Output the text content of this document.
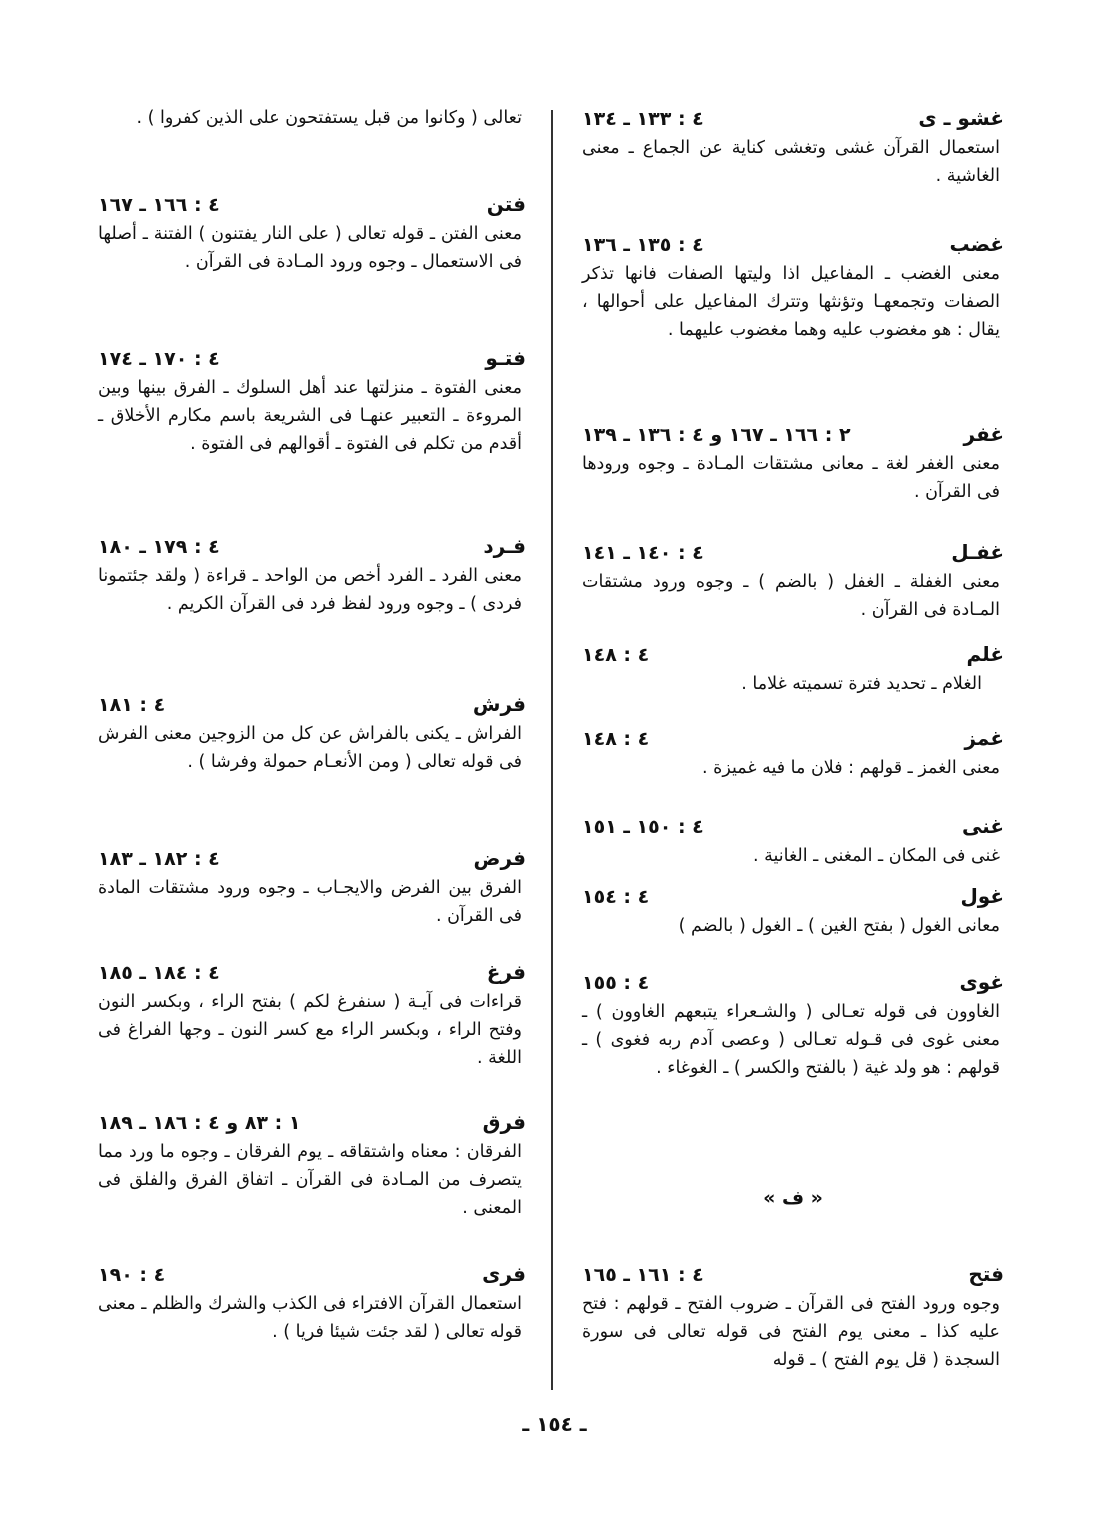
غشو ـ ى
٤ : ١٣٣ ـ ١٣٤
استعمال القرآن غشى وتغشى كناية عن الجماع ـ معنى الغاشية .
غضب
٤ : ١٣٥ ـ ١٣٦
معنى الغضب ـ المفاعيل اذا وليتها الصفات فانها تذكر الصفات وتجمعهـا وتؤنثها وتترك المفاعيل على أحوالها ، يقال : هو مغضوب عليه وهما مغضوب عليهما .
غفر
٢ : ١٦٦ ـ ١٦٧ و ٤ : ١٣٦ ـ ١٣٩
معنى الغفر لغة ـ معانى مشتقات المـادة ـ وجوه ورودها فى القرآن .
غفـل
٤ : ١٤٠ ـ ١٤١
معنى الغفلة ـ الغفل ( بالضم ) ـ وجوه ورود مشتقات المـادة فى القرآن .
غلم
٤ : ١٤٨
الغلام ـ تحديد فترة تسميته غلاما .
غمز
٤ : ١٤٨
معنى الغمز ـ قولهم : فلان ما فيه غميزة .
غنى
٤ : ١٥٠ ـ ١٥١
غنى فى المكان ـ المغنى ـ الغانية .
غول
٤ : ١٥٤
معانى الغول ( بفتح الغين ) ـ الغول ( بالضم )
غوى
٤ : ١٥٥
الغاوون فى قوله تعـالى ( والشـعراء يتبعهم الغاوون ) ـ معنى غوى فى قـوله تعـالى ( وعصى آدم ربه فغوى ) ـ قولهم : هو ولد غية ( بالفتح والكسر ) ـ الغوغاء .
« ف »
فتح
٤ : ١٦١ ـ ١٦٥
وجوه ورود الفتح فى القرآن ـ ضروب الفتح ـ قولهم : فتح عليه كذا ـ معنى يوم الفتح فى قوله تعالى فى سورة السجدة ( قل يوم الفتح ) ـ قوله
تعالى ( وكانوا من قبل يستفتحون على الذين كفروا ) .
فتن
٤ : ١٦٦ ـ ١٦٧
معنى الفتن ـ قوله تعالى ( على النار يفتنون ) الفتنة ـ أصلها فى الاستعمال ـ وجوه ورود المـادة فى القرآن .
فتـو
٤ : ١٧٠ ـ ١٧٤
معنى الفتوة ـ منزلتها عند أهل السلوك ـ الفرق بينها وبين المروءة ـ التعبير عنهـا فى الشريعة باسم مكارم الأخلاق ـ أقدم من تكلم فى الفتوة ـ أقوالهم فى الفتوة .
فـرد
٤ : ١٧٩ ـ ١٨٠
معنى الفرد ـ الفرد أخص من الواحد ـ قراءة ( ولقد جئتمونا فردى ) ـ وجوه ورود لفظ فرد فى القرآن الكريم .
فرش
٤ : ١٨١
الفراش ـ يكنى بالفراش عن كل من الزوجين معنى الفرش فى قوله تعالى ( ومن الأنعـام حمولة وفرشا ) .
فرض
٤ : ١٨٢ ـ ١٨٣
الفرق بين الفرض والايجـاب ـ وجوه ورود مشتقات المادة فى القرآن .
فرغ
٤ : ١٨٤ ـ ١٨٥
قراءات فى آيـة ( سنفرغ لكم ) بفتح الراء ، وبكسر النون وفتح الراء ، وبكسر الراء مع كسر النون ـ وجها الفراغ فى اللغة .
فرق
١ : ٨٣ و ٤ : ١٨٦ ـ ١٨٩
الفرقان : معناه واشتقاقه ـ يوم الفرقان ـ وجوه ما ورد مما يتصرف من المـادة فى القرآن ـ اتفاق الفرق والفلق فى المعنى .
فرى
٤ : ١٩٠
استعمال القرآن الافتراء فى الكذب والشرك والظلم ـ معنى قوله تعالى ( لقد جئت شيئا فريا ) .
ـ ١٥٤ ـ
